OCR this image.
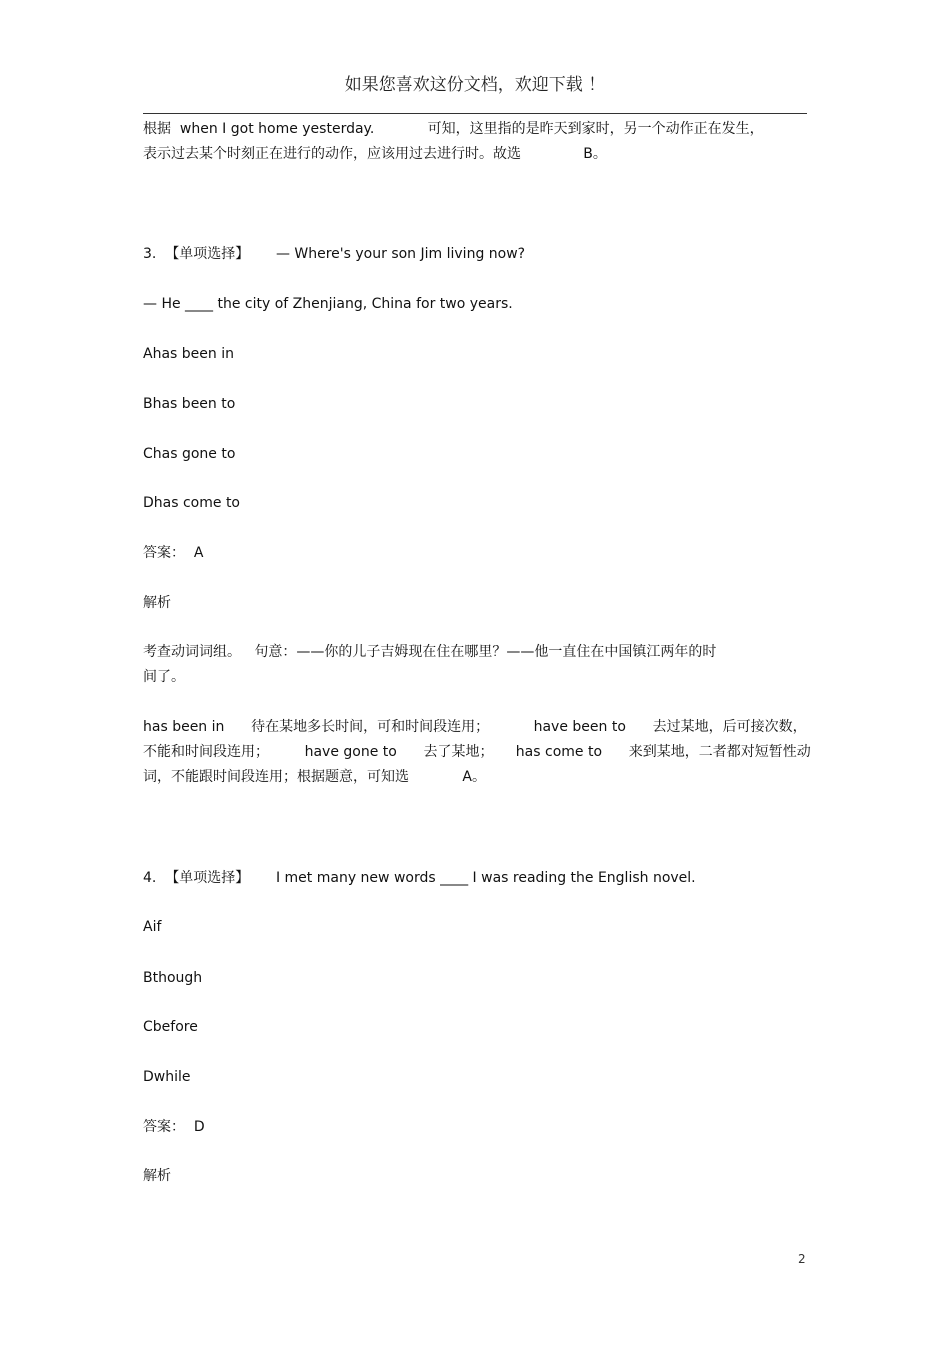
如果您喜欢这份文档，欢迎下载 ！
根据  when I got home yesterday.            可知，这里指的是昨天到家时，另一个动作正在发生，
表示过去某个时刻正在进行的动作，应该用过去进行时。故选              B。
3.  【单项选择】      — Where's your son Jim living now?
— He ____ the city of Zhenjiang, China for two years.
Ahas been in
Bhas been to
Chas gone to
Dhas come to
答案：  A
解析
考查动词词组。   句意：——你的儿子吉姆现在住在哪里？——他一直住在中国镇江两年的时
间了。
has been in      待在某地多长时间，可和时间段连用；          have been to      去过某地，后可接次数，
不能和时间段连用；        have gone to      去了某地；     has come to      来到某地，二者都对短暂性动
词，不能跟时间段连用；根据题意，可知选            A。
4.  【单项选择】      I met many new words ____ I was reading the English novel.
Aif
Bthough
Cbefore
Dwhile
答案：  D
解析
2
